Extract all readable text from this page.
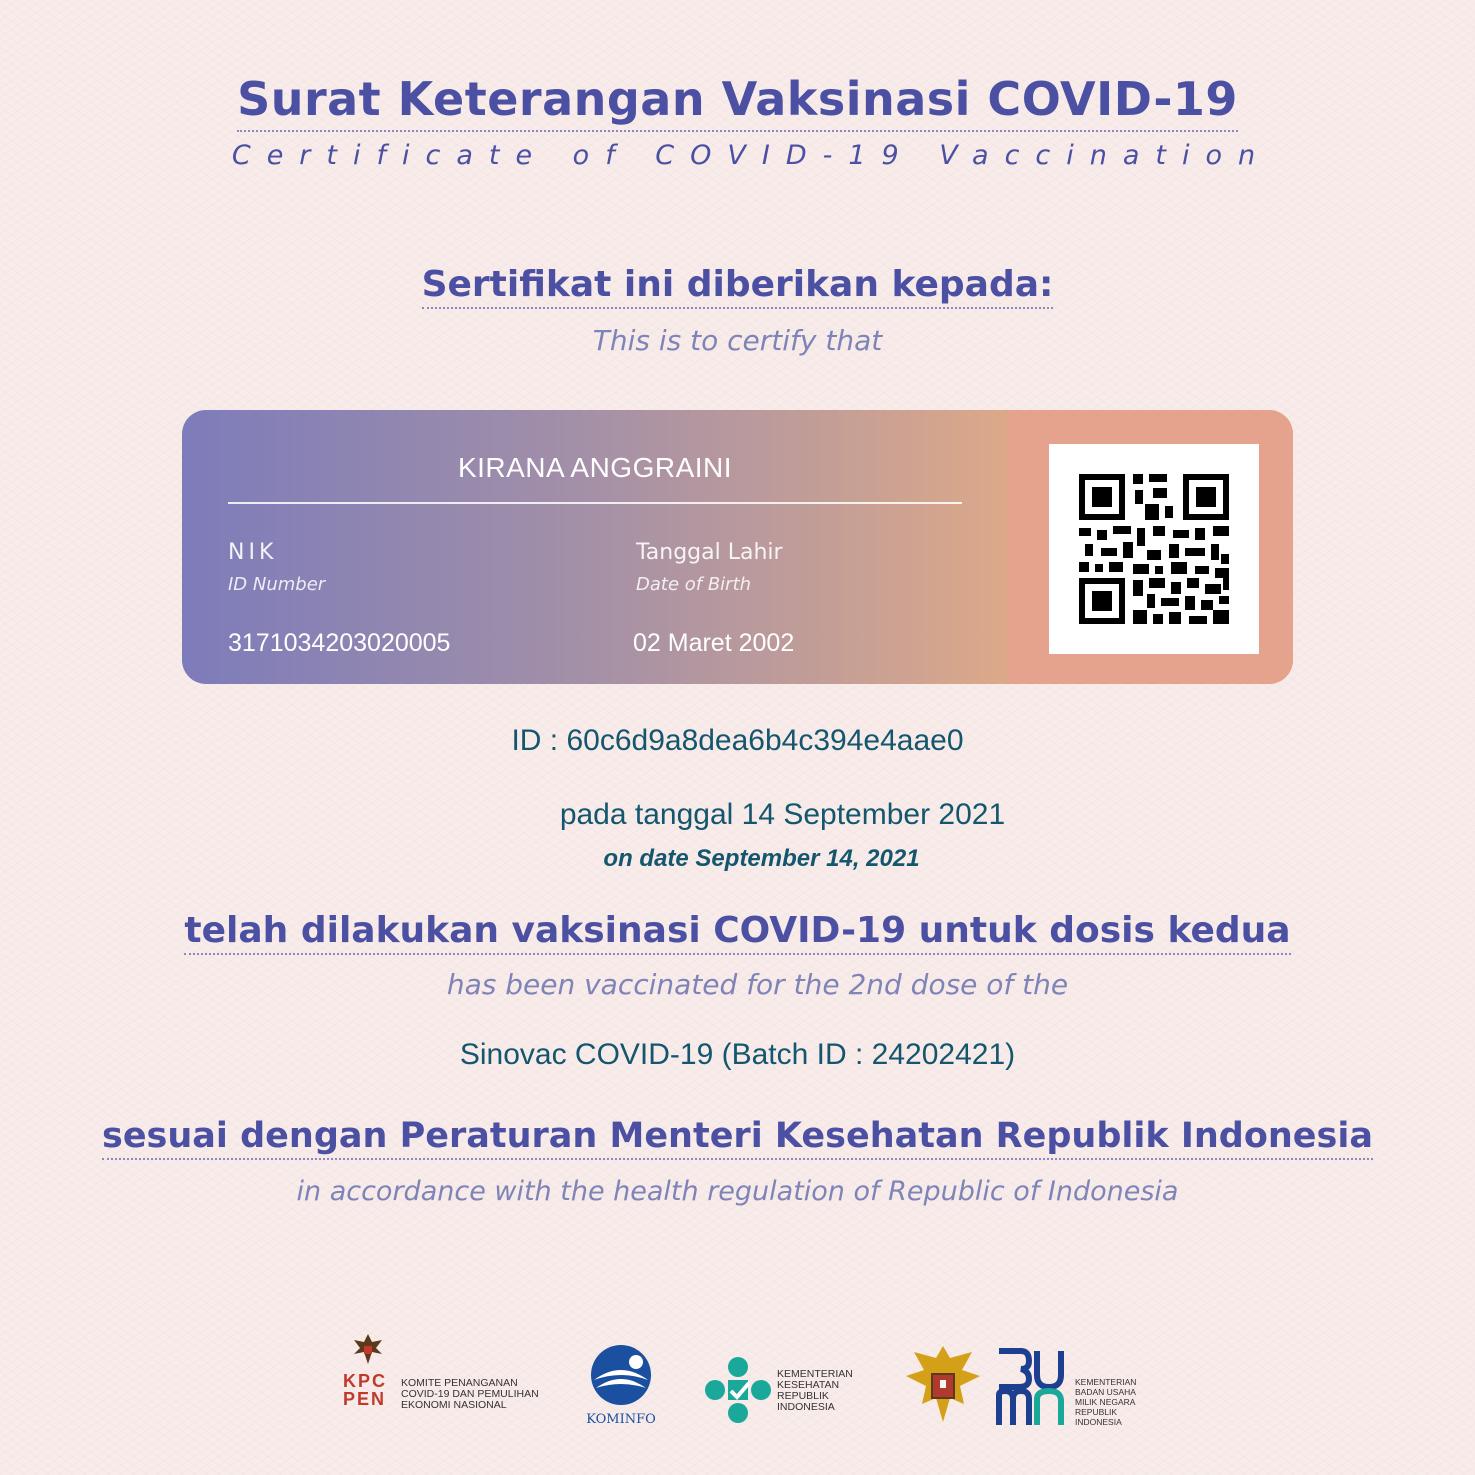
Surat Keterangan Vaksinasi COVID-19
Certificate of COVID-19 Vaccination
Sertifikat ini diberikan kepada:
This is to certify that
KIRANA ANGGRAINI
NIK
ID Number
3171034203020005
Tanggal Lahir
Date of Birth
02 Maret 2002
ID : 60c6d9a8dea6b4c394e4aae0
pada tanggal 14 September 2021
on date September 14, 2021
telah dilakukan vaksinasi COVID-19 untuk dosis kedua
has been vaccinated for the 2nd dose of the
Sinovac COVID-19 (Batch ID : 24202421)
sesuai dengan Peraturan Menteri Kesehatan Republik Indonesia
in accordance with the health regulation of Republic of Indonesia
KPC
PEN
KOMITE PENANGANAN
COVID-19 DAN PEMULIHAN
EKONOMI NASIONAL
KOMINFO
KEMENTERIAN
KESEHATAN
REPUBLIK
INDONESIA
KEMENTERIAN
BADAN USAHA
MILIK NEGARA
REPUBLIK
INDONESIA
